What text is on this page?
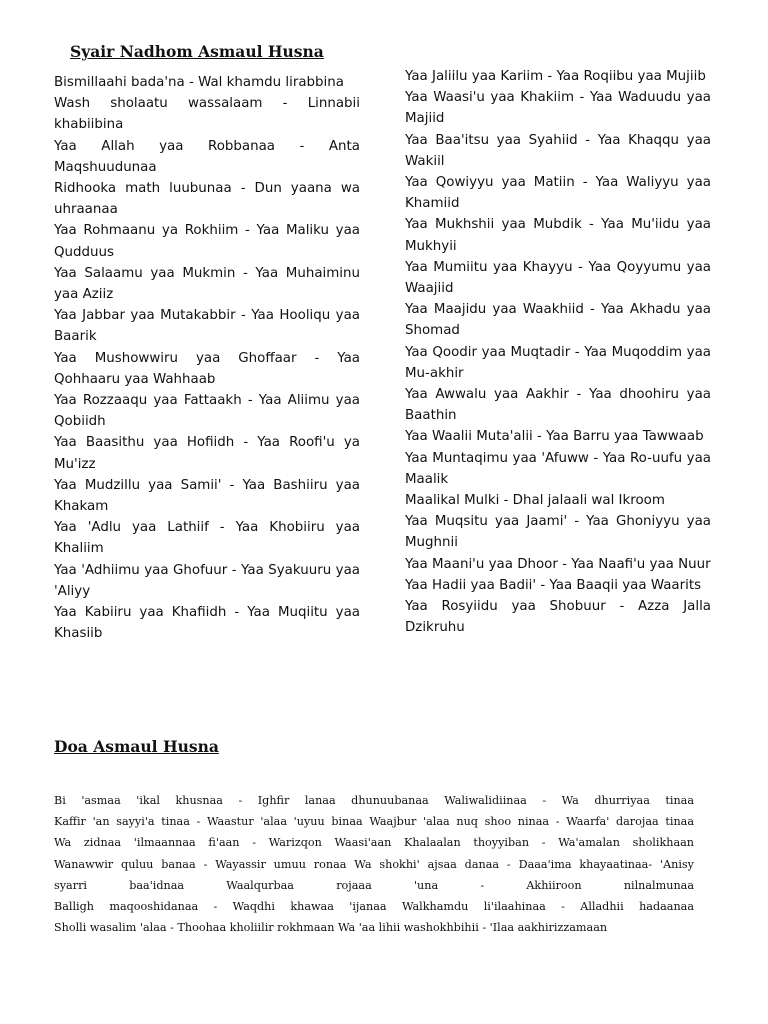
Syair Nadhom Asmaul Husna

Bismillaahi bada'na - Wal khamdu lirabbina

Wash sholaatu wassalaam - Linnabii khabiibina

Yaa Allah yaa Robbanaa - Anta Maqshuudunaa

Ridhooka math luubunaa - Dun yaana wa uhraanaa

Yaa Rohmaanu ya Rokhiim - Yaa Maliku yaa Qudduus

Yaa Salaamu yaa Mukmin - Yaa Muhaiminu yaa Aziiz

Yaa Jabbar yaa Mutakabbir - Yaa Hooliqu yaa Baarik

Yaa Mushowwiru yaa Ghoffaar - Yaa Qohhaaru yaa Wahhaab

Yaa Rozzaaqu yaa Fattaakh - Yaa Aliimu yaa Qobiidh

Yaa Baasithu yaa Hofiidh - Yaa Roofi'u ya Mu'izz

Yaa Mudzillu yaa Samii' - Yaa Bashiiru yaa Khakam

Yaa 'Adlu yaa Lathiif - Yaa Khobiiru yaa Khaliim

Yaa 'Adhiimu yaa Ghofuur - Yaa Syakuuru yaa 'Aliyy

Yaa Kabiiru yaa Khafiidh - Yaa Muqiitu yaa Khasiib

Yaa Jaliilu yaa Kariim - Yaa Roqiibu yaa Mujiib

Yaa Waasi'u yaa Khakiim - Yaa Waduudu yaa Majiid

Yaa Baa'itsu yaa Syahiid - Yaa Khaqqu yaa Wakiil

Yaa Qowiyyu yaa Matiin - Yaa Waliyyu yaa Khamiid

Yaa Mukhshii yaa Mubdik - Yaa Mu'iidu yaa Mukhyii

Yaa Mumiitu yaa Khayyu - Yaa Qoyyumu yaa Waajiid

Yaa Maajidu yaa Waakhiid - Yaa Akhadu yaa Shomad

Yaa Qoodir yaa Muqtadir - Yaa Muqoddim yaa Mu-akhir

Yaa Awwalu yaa Aakhir - Yaa dhoohiru yaa Baathin

Yaa Waalii Muta'alii - Yaa Barru yaa Tawwaab

Yaa Muntaqimu yaa 'Afuww - Yaa Ro-uufu yaa Maalik

Maalikal Mulki - Dhal jalaali wal Ikroom

Yaa Muqsitu yaa Jaami' - Yaa Ghoniyyu yaa Mughnii

Yaa Maani'u yaa Dhoor - Yaa Naafi'u yaa Nuur

Yaa Hadii yaa Badii' - Yaa Baaqii yaa Waarits

Yaa Rosyiidu yaa Shobuur - Azza Jalla Dzikruhu

Doa Asmaul Husna
Bi 'asmaa 'ikal khusnaa - Ighfir lanaa dhunuubanaa Waliwalidiinaa - Wa dhurriyaa tinaa
Kaffir 'an sayyi'a tinaa - Waastur 'alaa 'uyuu binaa Waajbur 'alaa nuq shoo ninaa - Waarfa' darojaa tinaa
Wa zidnaa 'ilmaannaa fi'aan - Warizqon Waasi'aan Khalaalan thoyyiban - Wa'amalan sholikhaan
Wanawwir quluu banaa - Wayassir umuu ronaa Wa shokhi' ajsaa danaa - Daaa'ima khayaatinaa- 'Anisy
syarri baa'idnaa Waalqurbaa rojaaa 'una - Akhiiroon nilnalmunaa
Balligh maqooshidanaa - Waqdhi khawaa 'ijanaa Walkhamdu li'ilaahinaa - Alladhii hadaanaa
Sholli wasalim 'alaa - Thoohaa kholiilir rokhmaan Wa 'aa lihii washokhbihii - 'Ilaa aakhirizzamaan
